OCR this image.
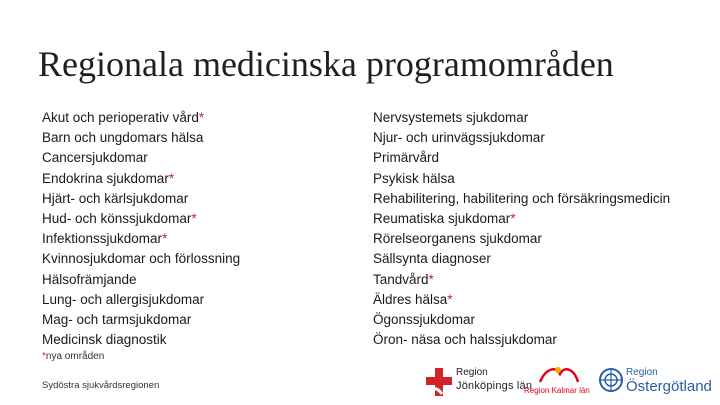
Regionala medicinska programområden
Akut och perioperativ vård*
Barn och ungdomars hälsa
Cancersjukdomar
Endokrina sjukdomar*
Hjärt- och kärlsjukdomar
Hud- och könssjukdomar*
Infektionssjukdomar*
Kvinnosjukdomar och förlossning
Hälsofrämjande
Lung- och allergisjukdomar
Mag- och tarmsjukdomar
Medicinsk diagnostik
Nervsystemets sjukdomar
Njur- och urinvägssjukdomar
Primärvård
Psykisk hälsa
Rehabilitering, habilitering och försäkringsmedicin
Reumatiska sjukdomar*
Rörelseorganens sjukdomar
Sällsynta diagnoser
Tandvård*
Äldres hälsa*
Ögonssjukdomar
Öron- näsa och halssjukdomar
*nya områden
Sydöstra sjukvårdsregionen
Region
Jönköpings län
Region Kalmar län
Region
Östergötland
